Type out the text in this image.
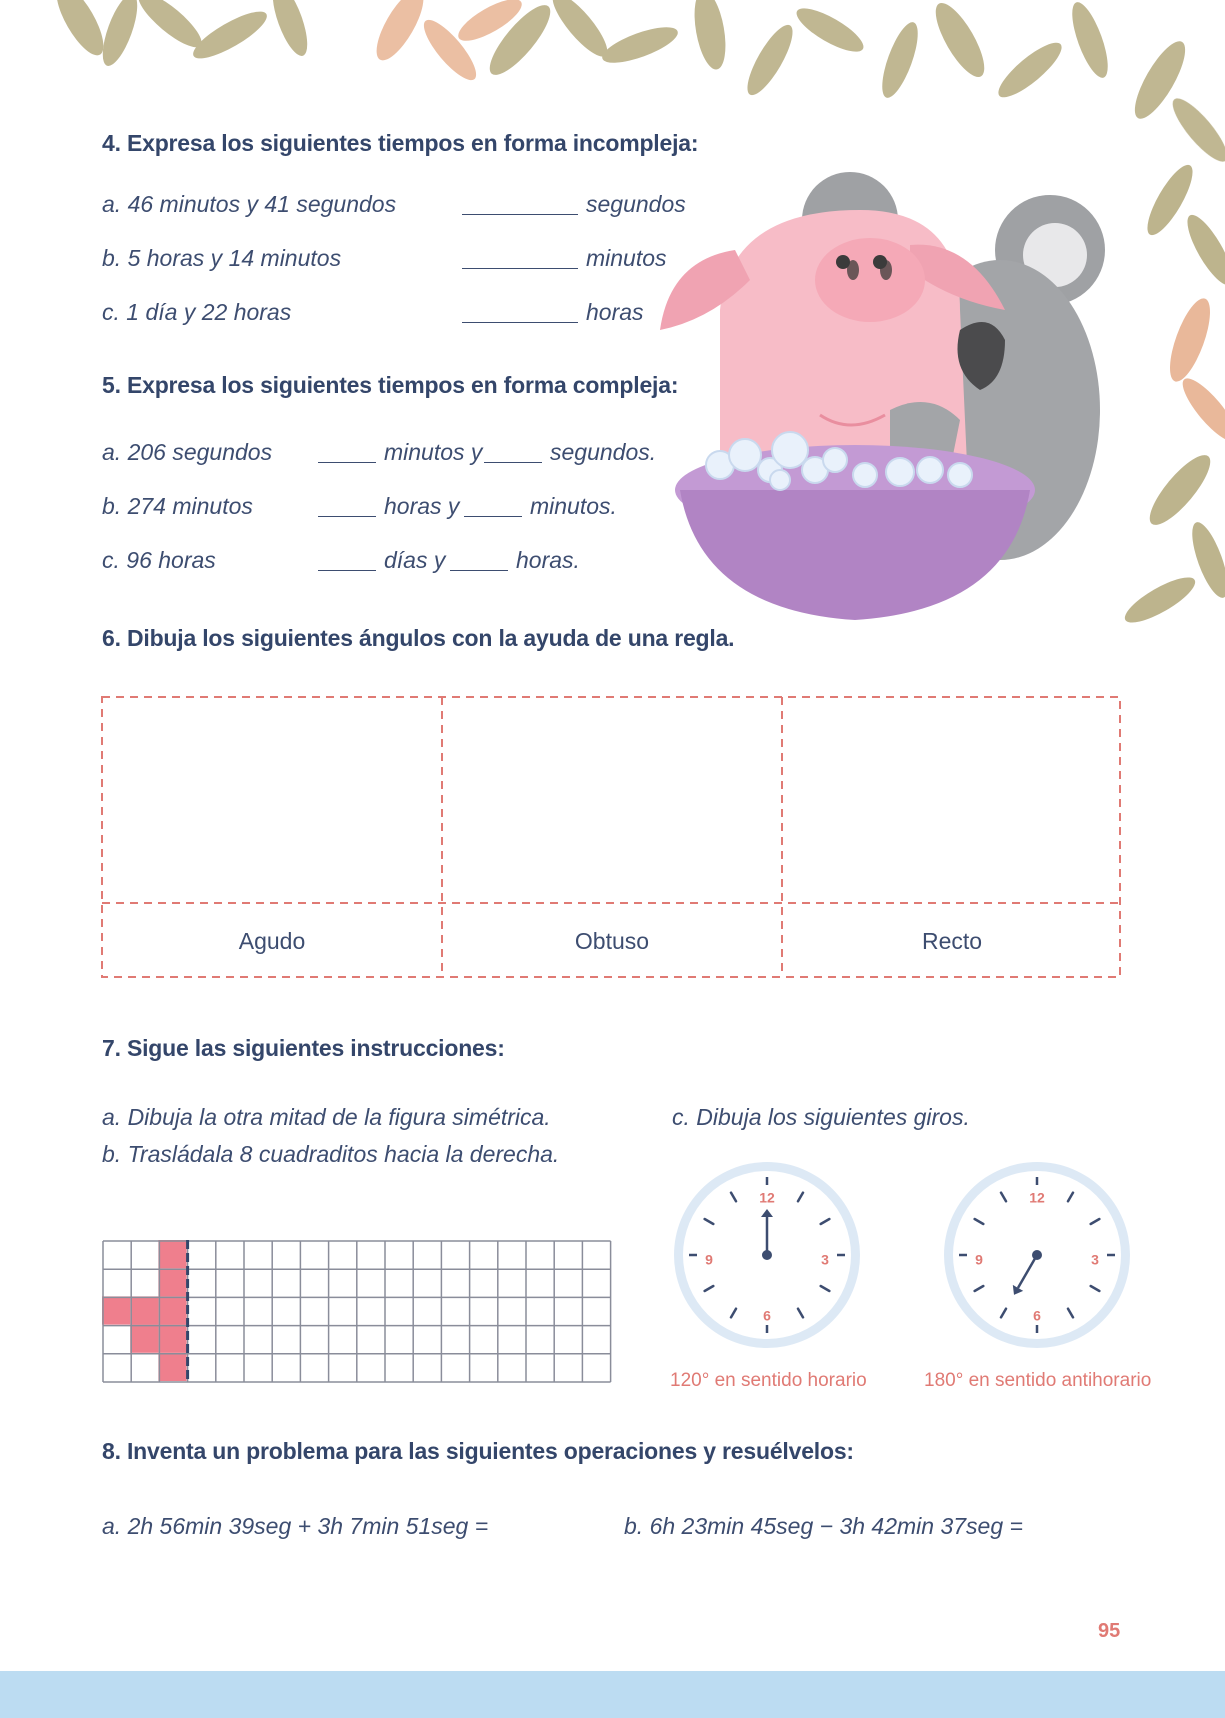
4. Expresa los siguientes tiempos en forma incompleja:
a. 46 minutos y 41 segundos	segundos
b. 5 horas y 14 minutos	minutos
c. 1 día y 22 horas	horas
5. Expresa los siguientes tiempos en forma compleja:
a. 206 segundos	minutos y	segundos.
b. 274 minutos	horas y	minutos.
c. 96 horas	días y	horas.
6. Dibuja los siguientes ángulos con la ayuda de una regla.
Agudo	Obtuso	Recto
7. Sigue las siguientes instrucciones:
a. Dibuja la otra mitad de la figura simétrica.
b. Trasládala 8 cuadraditos hacia la derecha.
c. Dibuja los siguientes giros.
12
3
6
9
12
3
6
9
120° en sentido horario	180° en sentido antihorario
8. Inventa un problema para las siguientes operaciones y resuélvelos:
a. 2h 56min 39seg + 3h 7min 51seg =	b. 6h 23min 45seg − 3h 42min 37seg =
95
